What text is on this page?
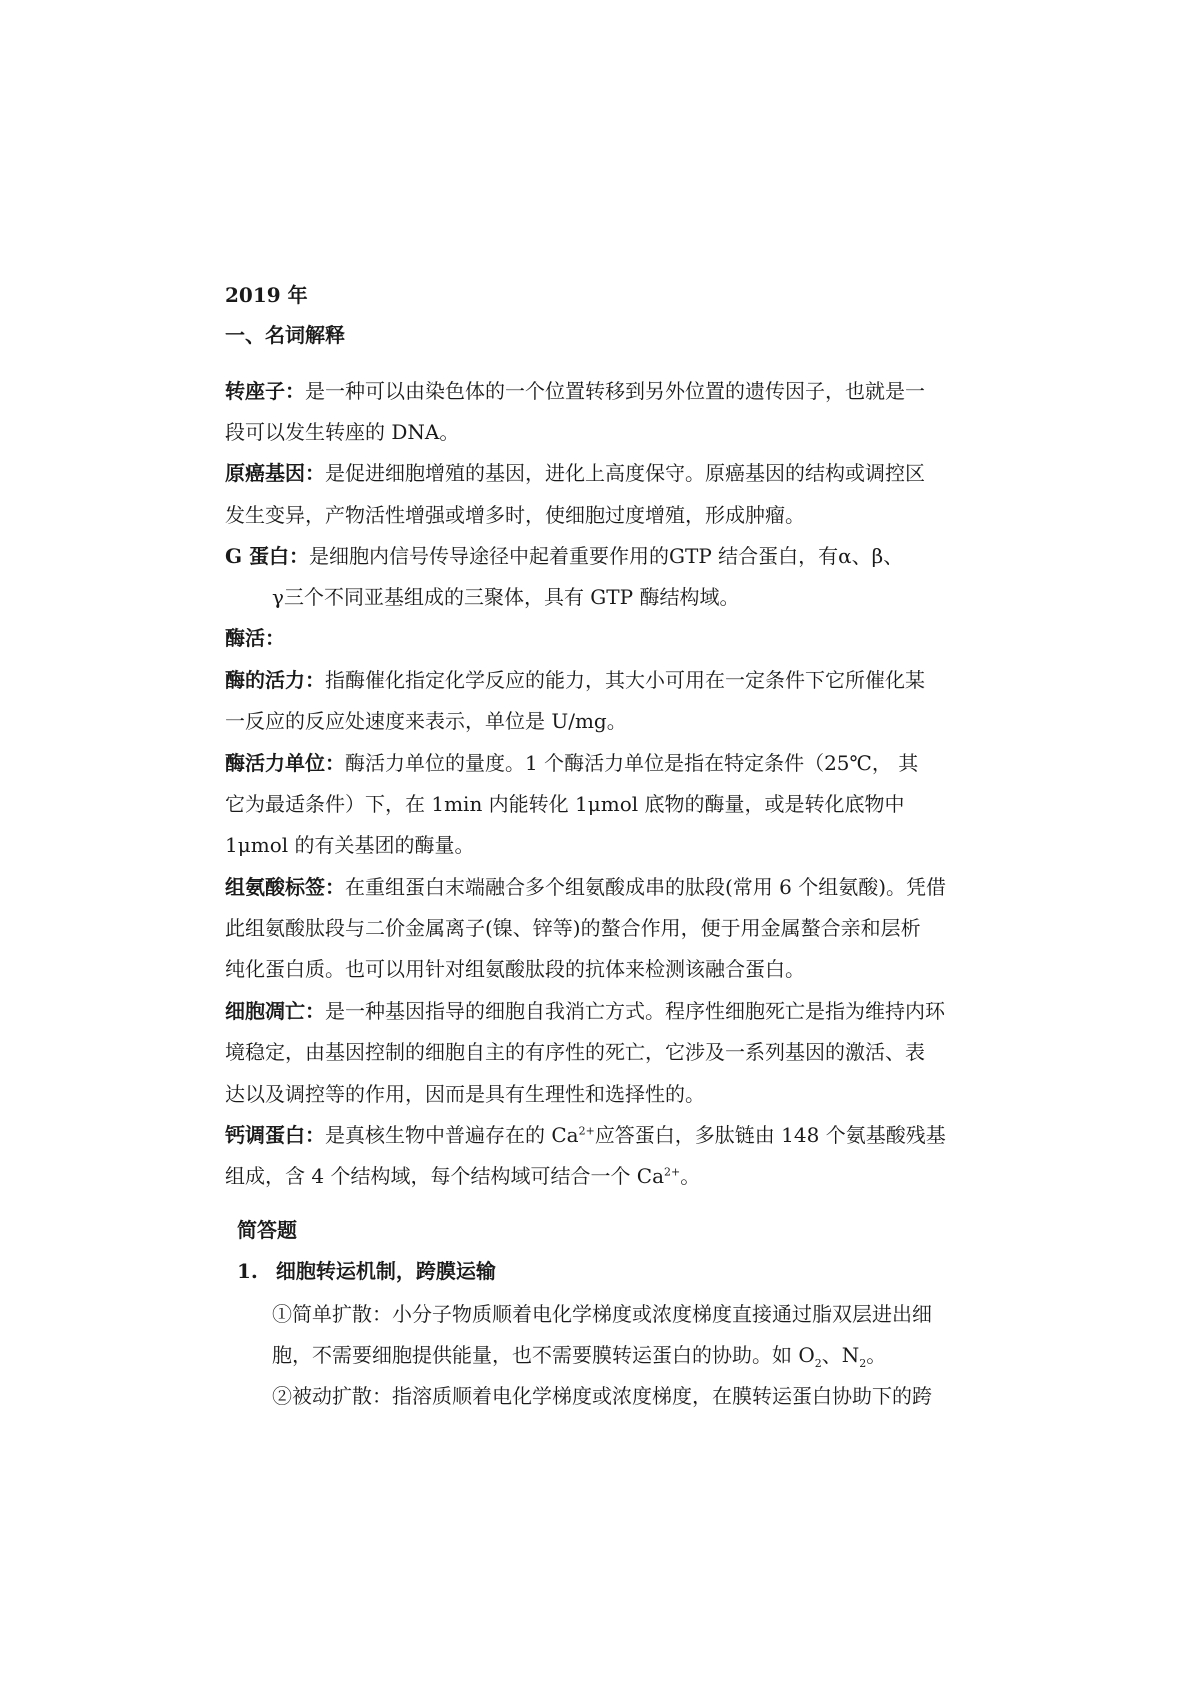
2019 年
一、名词解释
转座子：是一种可以由染色体的一个位置转移到另外位置的遗传因子，也就是一
段可以发生转座的 DNA。
原癌基因：是促进细胞增殖的基因，进化上高度保守。原癌基因的结构或调控区
发生变异，产物活性增强或增多时，使细胞过度增殖，形成肿瘤。
G 蛋白：是细胞内信号传导途径中起着重要作用的GTP 结合蛋白，有α、β、
γ三个不同亚基组成的三聚体，具有 GTP 酶结构域。
酶活：
酶的活力：指酶催化指定化学反应的能力，其大小可用在一定条件下它所催化某
一反应的反应处速度来表示，单位是 U/mg。
酶活力单位：酶活力单位的量度。1 个酶活力单位是指在特定条件（25℃， 其
它为最适条件）下，在 1min 内能转化 1μmol 底物的酶量，或是转化底物中
1μmol 的有关基团的酶量。
组氨酸标签：在重组蛋白末端融合多个组氨酸成串的肽段(常用 6 个组氨酸)。凭借
此组氨酸肽段与二价金属离子(镍、锌等)的螯合作用，便于用金属螯合亲和层析
纯化蛋白质。也可以用针对组氨酸肽段的抗体来检测该融合蛋白。
细胞凋亡：是一种基因指导的细胞自我消亡方式。程序性细胞死亡是指为维持内环
境稳定，由基因控制的细胞自主的有序性的死亡，它涉及一系列基因的激活、表
达以及调控等的作用，因而是具有生理性和选择性的。
钙调蛋白：是真核生物中普遍存在的 $Ca^{2+}$应答蛋白，多肽链由 148 个氨基酸残基
组成，含 4 个结构域，每个结构域可结合一个 $Ca^{2+}$。
简答题
1. 细胞转运机制，跨膜运输
①简单扩散：小分子物质顺着电化学梯度或浓度梯度直接通过脂双层进出细
胞，不需要细胞提供能量，也不需要膜转运蛋白的协助。如 $O_2$、$N_2$。
②被动扩散：指溶质顺着电化学梯度或浓度梯度，在膜转运蛋白协助下的跨
